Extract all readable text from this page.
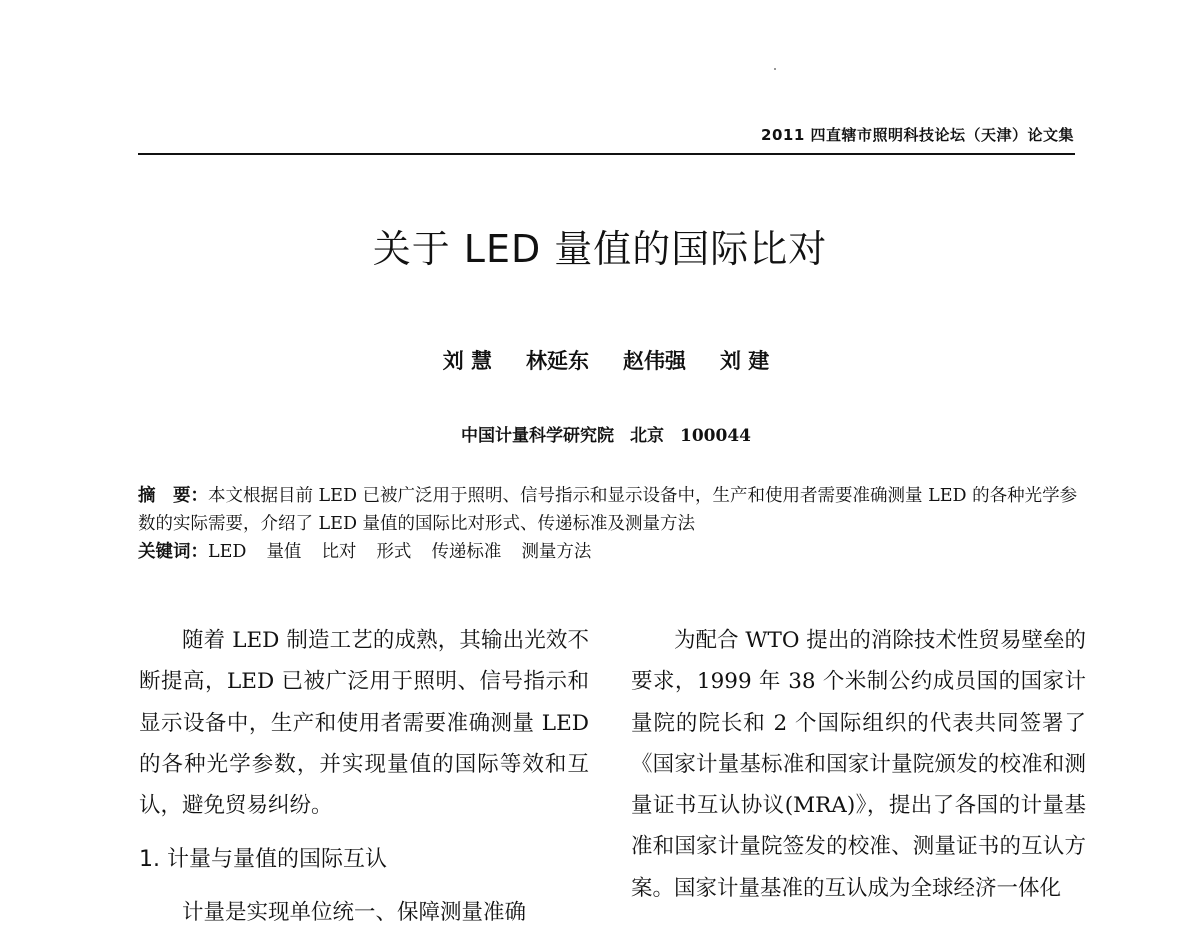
2011 四直辖市照明科技论坛（天津）论文集
关于 LED 量值的国际比对
刘 慧 林延东 赵伟强 刘 建
中国计量科学研究院 北京 100044
摘　要：本文根据目前 LED 已被广泛用于照明、信号指示和显示设备中，生产和使用者需要准确测量 LED 的各种光学参数的实际需要，介绍了 LED 量值的国际比对形式、传递标准及测量方法

关键词：LED 量值 比对 形式 传递标准 测量方法

随着 LED 制造工艺的成熟，其输出光效不断提高，LED 已被广泛用于照明、信号指示和显示设备中，生产和使用者需要准确测量 LED 的各种光学参数，并实现量值的国际等效和互认，避免贸易纠纷。

1. 计量与量值的国际互认

计量是实现单位统一、保障测量准确

为配合 WTO 提出的消除技术性贸易壁垒的要求，1999 年 38 个米制公约成员国的国家计量院的院长和 2 个国际组织的代表共同签署了《国家计量基标准和国家计量院颁发的校准和测量证书互认协议(MRA)》，提出了各国的计量基准和国家计量院签发的校准、测量证书的互认方案。国家计量基准的互认成为全球经济一体化
